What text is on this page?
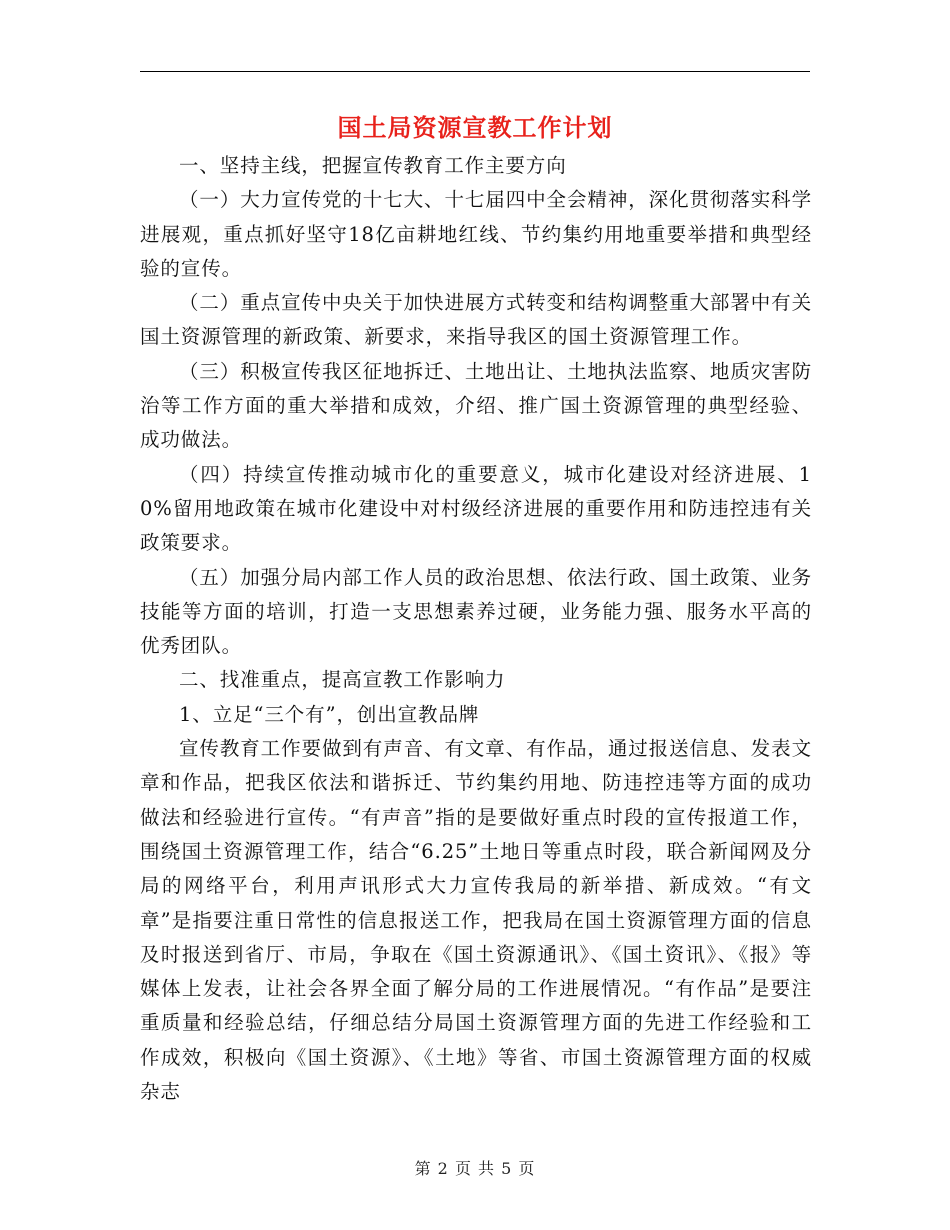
国土局资源宣教工作计划

一、坚持主线，把握宣传教育工作主要方向

（一）大力宣传党的十七大、十七届四中全会精神，深化贯彻落实科学进展观，重点抓好坚守18亿亩耕地红线、节约集约用地重要举措和典型经验的宣传。

（二）重点宣传中央关于加快进展方式转变和结构调整重大部署中有关国土资源管理的新政策、新要求，来指导我区的国土资源管理工作。

（三）积极宣传我区征地拆迁、土地出让、土地执法监察、地质灾害防治等工作方面的重大举措和成效，介绍、推广国土资源管理的典型经验、成功做法。

（四）持续宣传推动城市化的重要意义，城市化建设对经济进展、10%留用地政策在城市化建设中对村级经济进展的重要作用和防违控违有关政策要求。

（五）加强分局内部工作人员的政治思想、依法行政、国土政策、业务技能等方面的培训，打造一支思想素养过硬，业务能力强、服务水平高的优秀团队。

二、找准重点，提高宣教工作影响力

1、立足“三个有”，创出宣教品牌

宣传教育工作要做到有声音、有文章、有作品，通过报送信息、发表文章和作品，把我区依法和谐拆迁、节约集约用地、防违控违等方面的成功做法和经验进行宣传。“有声音”指的是要做好重点时段的宣传报道工作，围绕国土资源管理工作，结合“6.25”土地日等重点时段，联合新闻网及分局的网络平台，利用声讯形式大力宣传我局的新举措、新成效。“有文章”是指要注重日常性的信息报送工作，把我局在国土资源管理方面的信息及时报送到省厅、市局，争取在《国土资源通讯》、《国土资讯》、《报》等媒体上发表，让社会各界全面了解分局的工作进展情况。“有作品”是要注重质量和经验总结，仔细总结分局国土资源管理方面的先进工作经验和工作成效，积极向《国土资源》、《土地》等省、市国土资源管理方面的权威杂志

第 2 页 共 5 页
